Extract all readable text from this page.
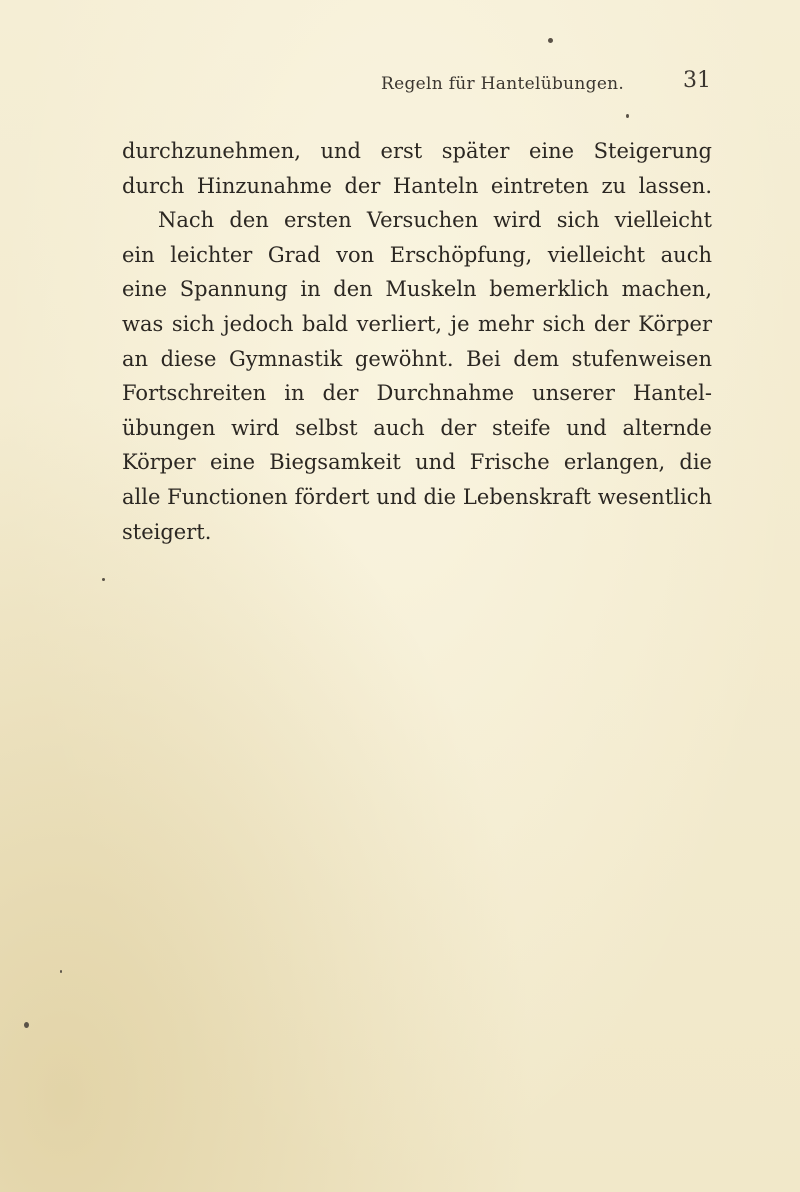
Regeln für Hantelübungen.	31
durchzunehmen, und erst später eine Steigerung
durch Hinzunahme der Hanteln eintreten zu lassen.
Nach den ersten Versuchen wird sich vielleicht
ein leichter Grad von Erschöpfung, vielleicht auch
eine Spannung in den Muskeln bemerklich machen,
was sich jedoch bald verliert, je mehr sich der Körper
an diese Gymnastik gewöhnt. Bei dem stufenweisen
Fortschreiten in der Durchnahme unserer Hantel-
übungen wird selbst auch der steife und alternde
Körper eine Biegsamkeit und Frische erlangen, die
alle Functionen fördert und die Lebenskraft wesentlich
steigert.
